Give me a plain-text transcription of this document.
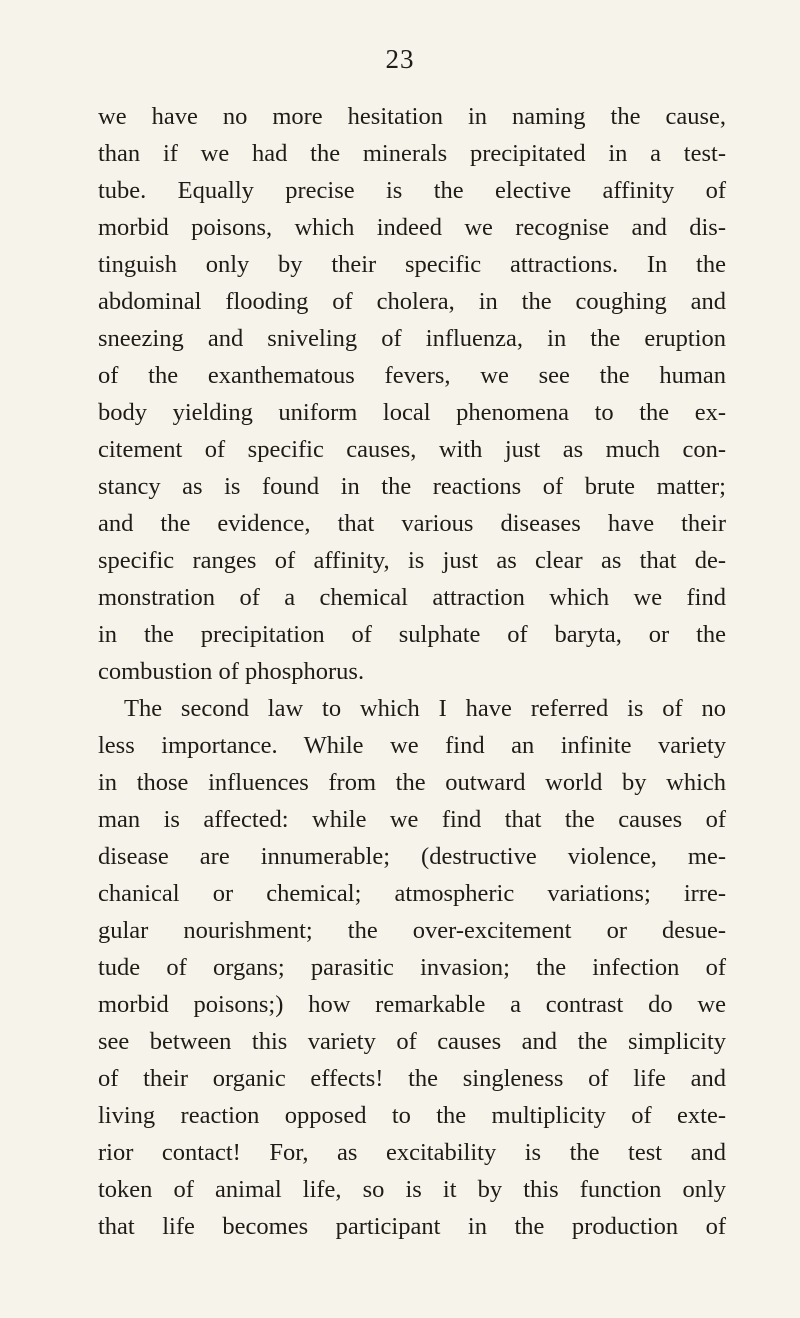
23
we have no more hesitation in naming the cause,
than if we had the minerals precipitated in a test-
tube. Equally precise is the elective affinity of
morbid poisons, which indeed we recognise and dis-
tinguish only by their specific attractions. In the
abdominal flooding of cholera, in the coughing and
sneezing and sniveling of influenza, in the eruption
of the exanthematous fevers, we see the human
body yielding uniform local phenomena to the ex-
citement of specific causes, with just as much con-
stancy as is found in the reactions of brute matter;
and the evidence, that various diseases have their
specific ranges of affinity, is just as clear as that de-
monstration of a chemical attraction which we find
in the precipitation of sulphate of baryta, or the
combustion of phosphorus.
The second law to which I have referred is of no
less importance. While we find an infinite variety
in those influences from the outward world by which
man is affected: while we find that the causes of
disease are innumerable; (destructive violence, me-
chanical or chemical; atmospheric variations; irre-
gular nourishment; the over-excitement or desue-
tude of organs; parasitic invasion; the infection of
morbid poisons;) how remarkable a contrast do we
see between this variety of causes and the simplicity
of their organic effects! the singleness of life and
living reaction opposed to the multiplicity of exte-
rior contact! For, as excitability is the test and
token of animal life, so is it by this function only
that life becomes participant in the production of
